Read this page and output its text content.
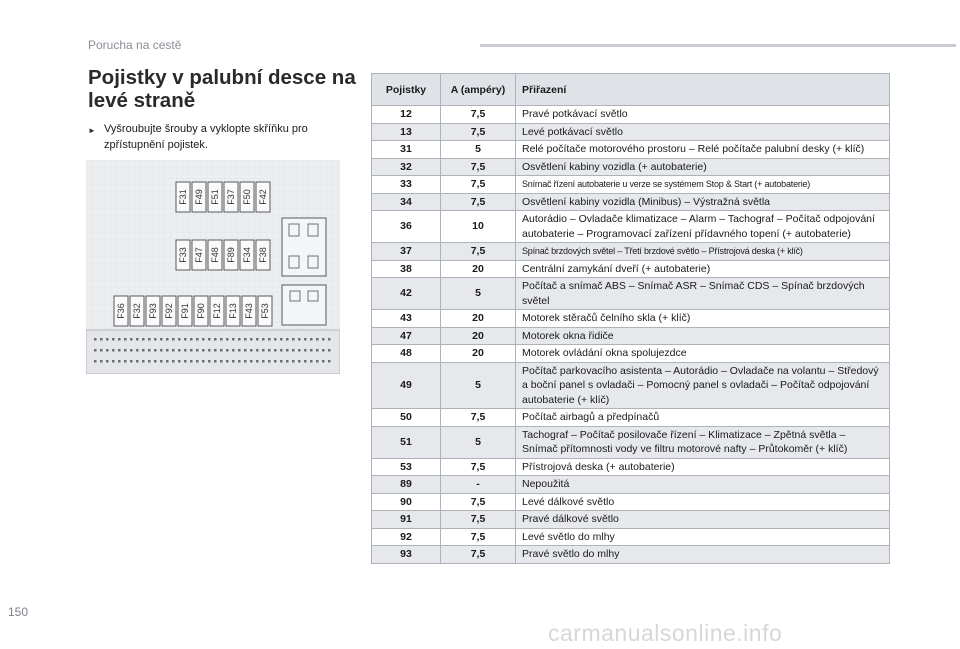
Porucha na cestě
Pojistky v palubní desce na levé straně
► Vyšroubujte šrouby a vyklopte skříňku pro zpřístupnění pojistek.
F31 F49 F51 F37 F50 F42
F33 F47 F48 F89 F34 F38
F36 F32 F93 F92 F91 F90 F12 F13 F43 F53
Pojistky	A (ampéry)	Přiřazení
12	7,5	Pravé potkávací světlo
13	7,5	Levé potkávací světlo
31	5	Relé počítače motorového prostoru – Relé počítače palubní desky (+ klíč)
32	7,5	Osvětlení kabiny vozidla (+ autobaterie)
33	7,5	Snímač řízení autobaterie u verze se systémem Stop & Start (+ autobaterie)
34	7,5	Osvětlení kabiny vozidla (Minibus) – Výstražná světla
36	10	Autorádio – Ovladače klimatizace – Alarm – Tachograf – Počítač odpojování autobaterie – Programovací zařízení přídavného topení (+ autobaterie)
37	7,5	Spínač brzdových světel – Třetí brzdové světlo – Přístrojová deska (+ klíč)
38	20	Centrální zamykání dveří (+ autobaterie)
42	5	Počítač a snímač ABS – Snímač ASR – Snímač CDS – Spínač brzdových světel
43	20	Motorek stěračů čelního skla (+ klíč)
47	20	Motorek okna řidiče
48	20	Motorek ovládání okna spolujezdce
49	5	Počítač parkovacího asistenta – Autorádio – Ovladače na volantu – Středový a boční panel s ovladači – Pomocný panel s ovladači – Počítač odpojování autobaterie (+ klíč)
50	7,5	Počítač airbagů a předpínačů
51	5	Tachograf – Počítač posilovače řízení – Klimatizace – Zpětná světla – Snímač přítomnosti vody ve filtru motorové nafty – Průtokoměr (+ klíč)
53	7,5	Přístrojová deska (+ autobaterie)
89	-	Nepoužitá
90	7,5	Levé dálkové světlo
91	7,5	Pravé dálkové světlo
92	7,5	Levé světlo do mlhy
93	7,5	Pravé světlo do mlhy
150
carmanualsonline.info
